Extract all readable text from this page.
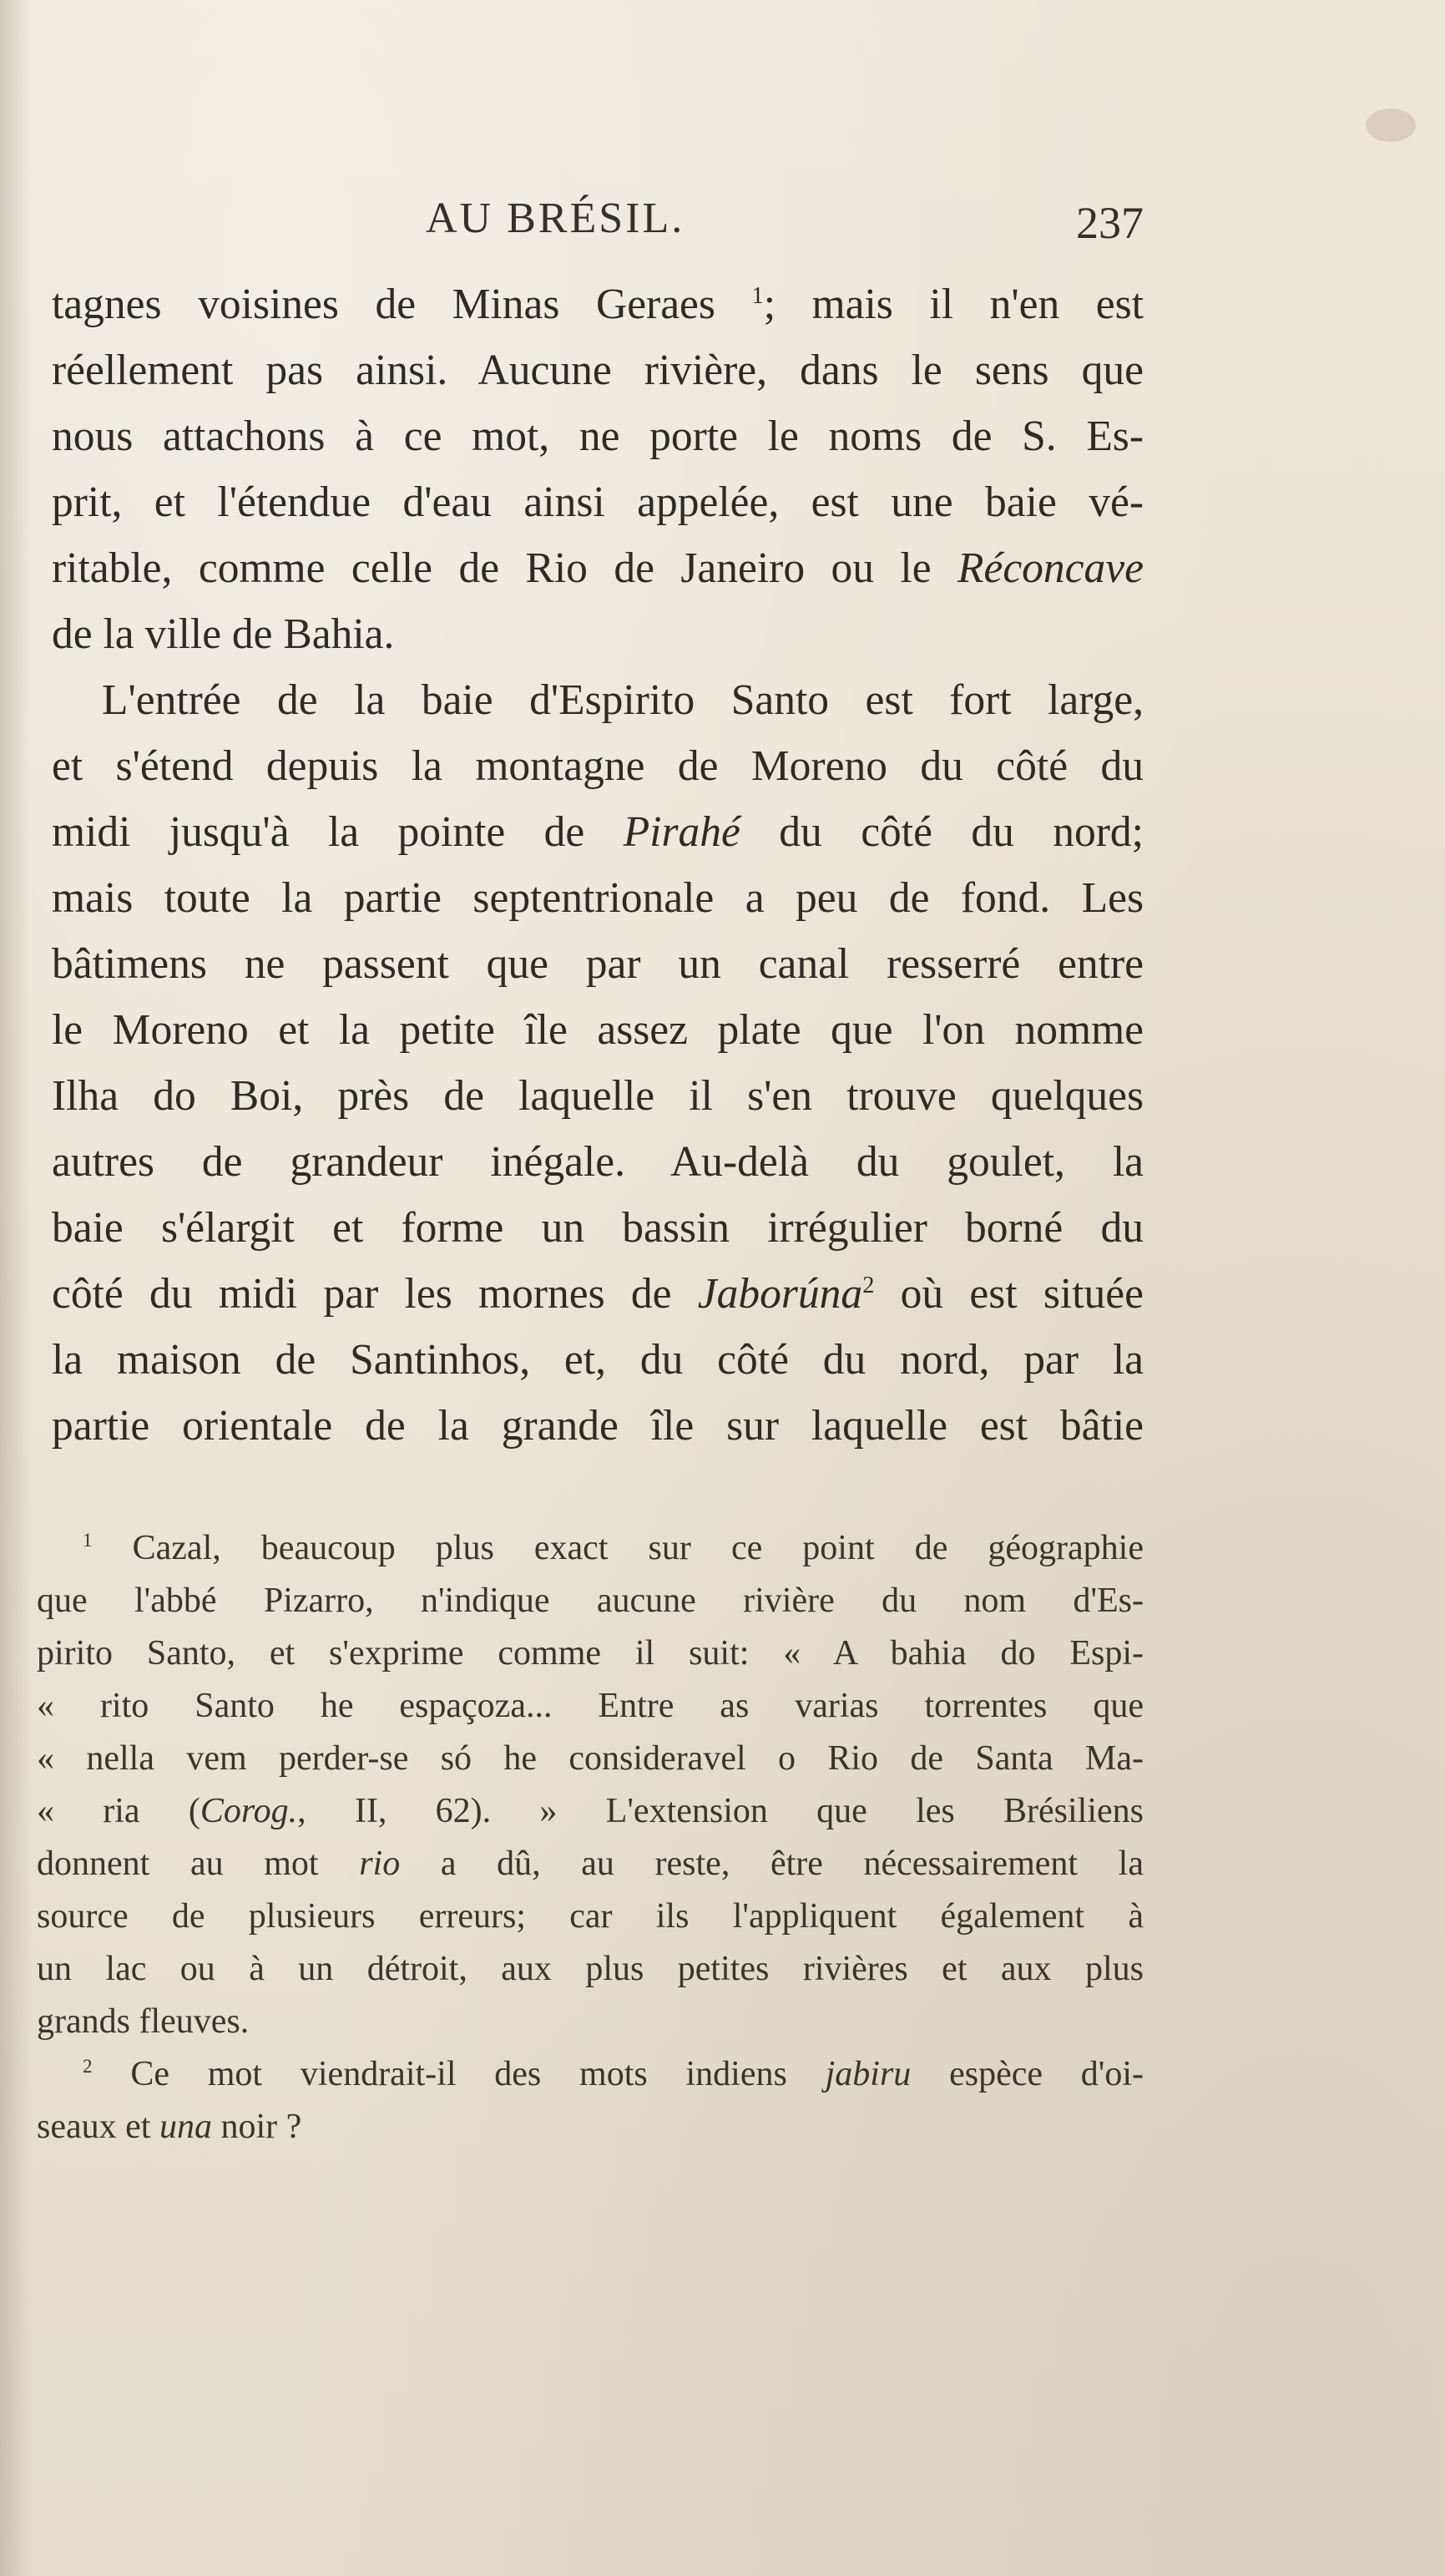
AU BRÉSIL.	237
tagnes voisines de Minas Geraes $^1$; mais il n'en est
réellement pas ainsi. Aucune rivière, dans le sens que
nous attachons à ce mot, ne porte le noms de S. Es-
prit, et l'étendue d'eau ainsi appelée, est une baie vé-
ritable, comme celle de Rio de Janeiro ou le Réconcave
de la ville de Bahia.
L'entrée de la baie d'Espirito Santo est fort large,
et s'étend depuis la montagne de Moreno du côté du
midi jusqu'à la pointe de Pirahé du côté du nord;
mais toute la partie septentrionale a peu de fond. Les
bâtimens ne passent que par un canal resserré entre
le Moreno et la petite île assez plate que l'on nomme
Ilha do Boi, près de laquelle il s'en trouve quelques
autres de grandeur inégale. Au-delà du goulet, la
baie s'élargit et forme un bassin irrégulier borné du
côté du midi par les mornes de Jaborúna$^2$ où est située
la maison de Santinhos, et, du côté du nord, par la
partie orientale de la grande île sur laquelle est bâtie
$^1$ Cazal, beaucoup plus exact sur ce point de géographie
que l'abbé Pizarro, n'indique aucune rivière du nom d'Es-
pirito Santo, et s'exprime comme il suit: « A bahia do Espi-
« rito Santo he espaçoza... Entre as varias torrentes que
« nella vem perder-se só he consideravel o Rio de Santa Ma-
« ria (Corog., II, 62). » L'extension que les Brésiliens
donnent au mot rio a dû, au reste, être nécessairement la
source de plusieurs erreurs; car ils l'appliquent également à
un lac ou à un détroit, aux plus petites rivières et aux plus
grands fleuves.
$^2$ Ce mot viendrait-il des mots indiens jabiru espèce d'oi-
seaux et una noir ?
